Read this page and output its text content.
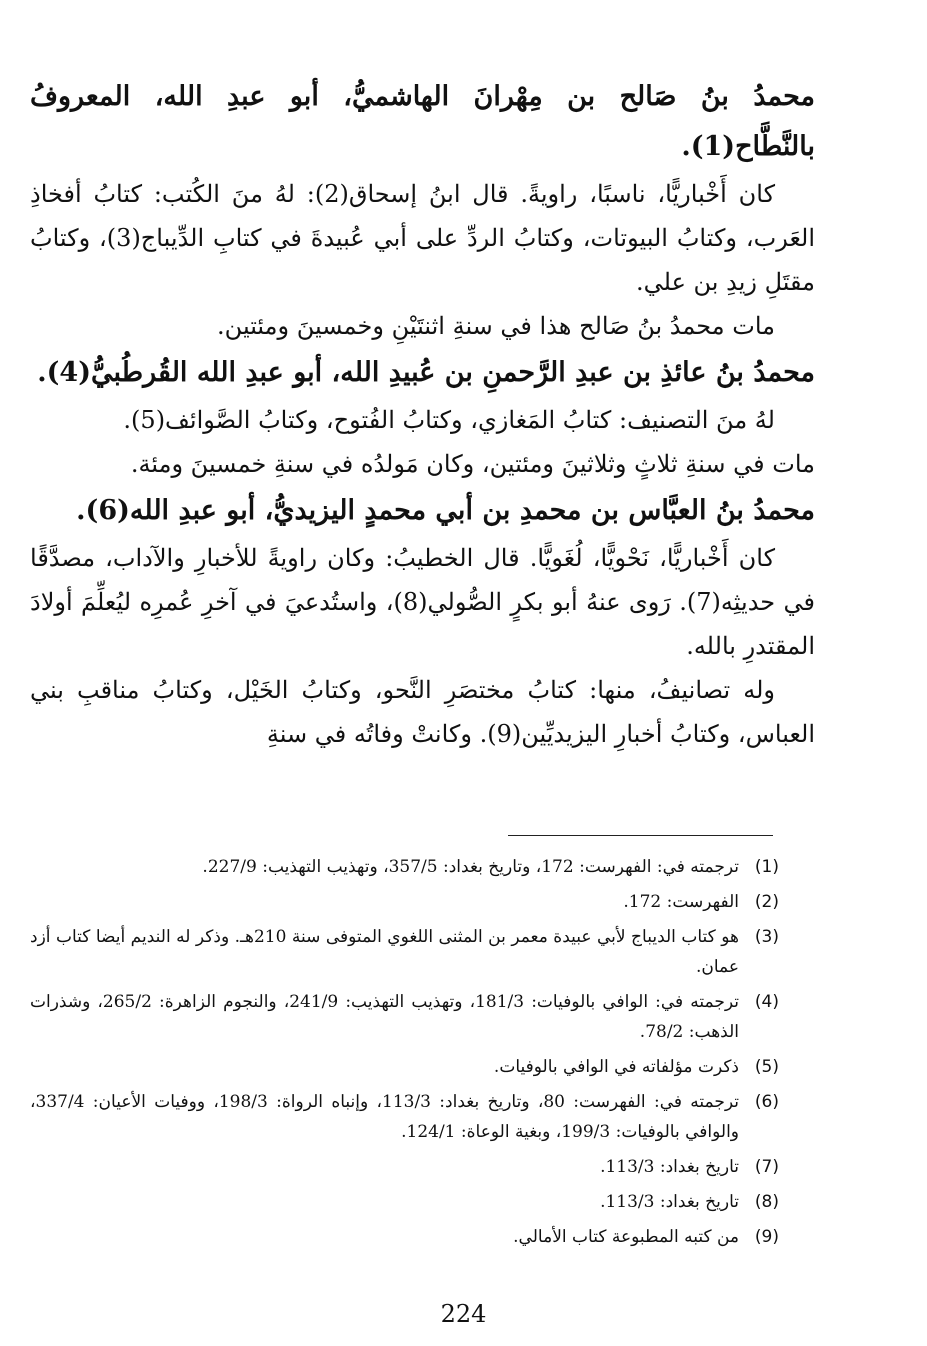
محمدُ بنُ صَالح بن مِهْرانَ الهاشميُّ، أبو عبدِ الله، المعروفُ بالنَّطَّاح(1).

كان أَخْباريًّا، ناسبًا، راويةً. قال ابنُ إسحاق(2): لهُ منَ الكُتب: كتابُ أفخاذِ العَرب، وكتابُ البيوتات، وكتابُ الردِّ على أبي عُبيدةَ في كتابِ الدِّيباج(3)، وكتابُ مقتَلِ زيدِ بن علي.

مات محمدُ بنُ صَالح هذا في سنةِ اثنتَيْنِ وخمسينَ ومئتين.

محمدُ بنُ عائذِ بن عبدِ الرَّحمنِ بن عُبيدِ الله، أبو عبدِ الله القُرطُبيُّ(4).

لهُ منَ التصنيف: كتابُ المَغازي، وكتابُ الفُتوح، وكتابُ الصَّوائف(5).

مات في سنةِ ثلاثٍ وثلاثينَ ومئتين، وكان مَولدُه في سنةِ خمسينَ ومئة.

محمدُ بنُ العبَّاس بن محمدِ بن أبي محمدٍ اليزيديُّ، أبو عبدِ الله(6).

كان أَخْباريًّا، نَحْويًّا، لُغَويًّا. قال الخطيبُ: وكان راويةً للأخبارِ والآداب، مصدَّقًا في حديثِه(7). رَوى عنهُ أبو بكرٍ الصُّولي(8)، واستُدعيَ في آخرِ عُمرِه ليُعلِّمَ أولادَ المقتدرِ بالله.

وله تصانيفُ، منها: كتابُ مختصَرِ النَّحو، وكتابُ الخَيْل، وكتابُ مناقبِ بني العباس، وكتابُ أخبارِ اليزيديِّين(9). وكانتْ وفاتُه في سنةِ

(1)
ترجمته في: الفهرست: 172، وتاريخ بغداد: 357/5، وتهذيب التهذيب: 227/9.
(2)
الفهرست: 172.
(3)
هو كتاب الديباج لأبي عبيدة معمر بن المثنى اللغوي المتوفى سنة 210هـ. وذكر له النديم أيضا كتاب أزد عمان.
(4)
ترجمته في: الوافي بالوفيات: 181/3، وتهذيب التهذيب: 241/9، والنجوم الزاهرة: 265/2، وشذرات الذهب: 78/2.
(5)
ذكرت مؤلفاته في الوافي بالوفيات.
(6)
ترجمته في: الفهرست: 80، وتاريخ بغداد: 113/3، وإنباه الرواة: 198/3، ووفيات الأعيان: 337/4، والوافي بالوفيات: 199/3، وبغية الوعاة: 124/1.
(7)
تاريخ بغداد: 113/3.
(8)
تاريخ بغداد: 113/3.
(9)
من كتبه المطبوعة كتاب الأمالي.
224
